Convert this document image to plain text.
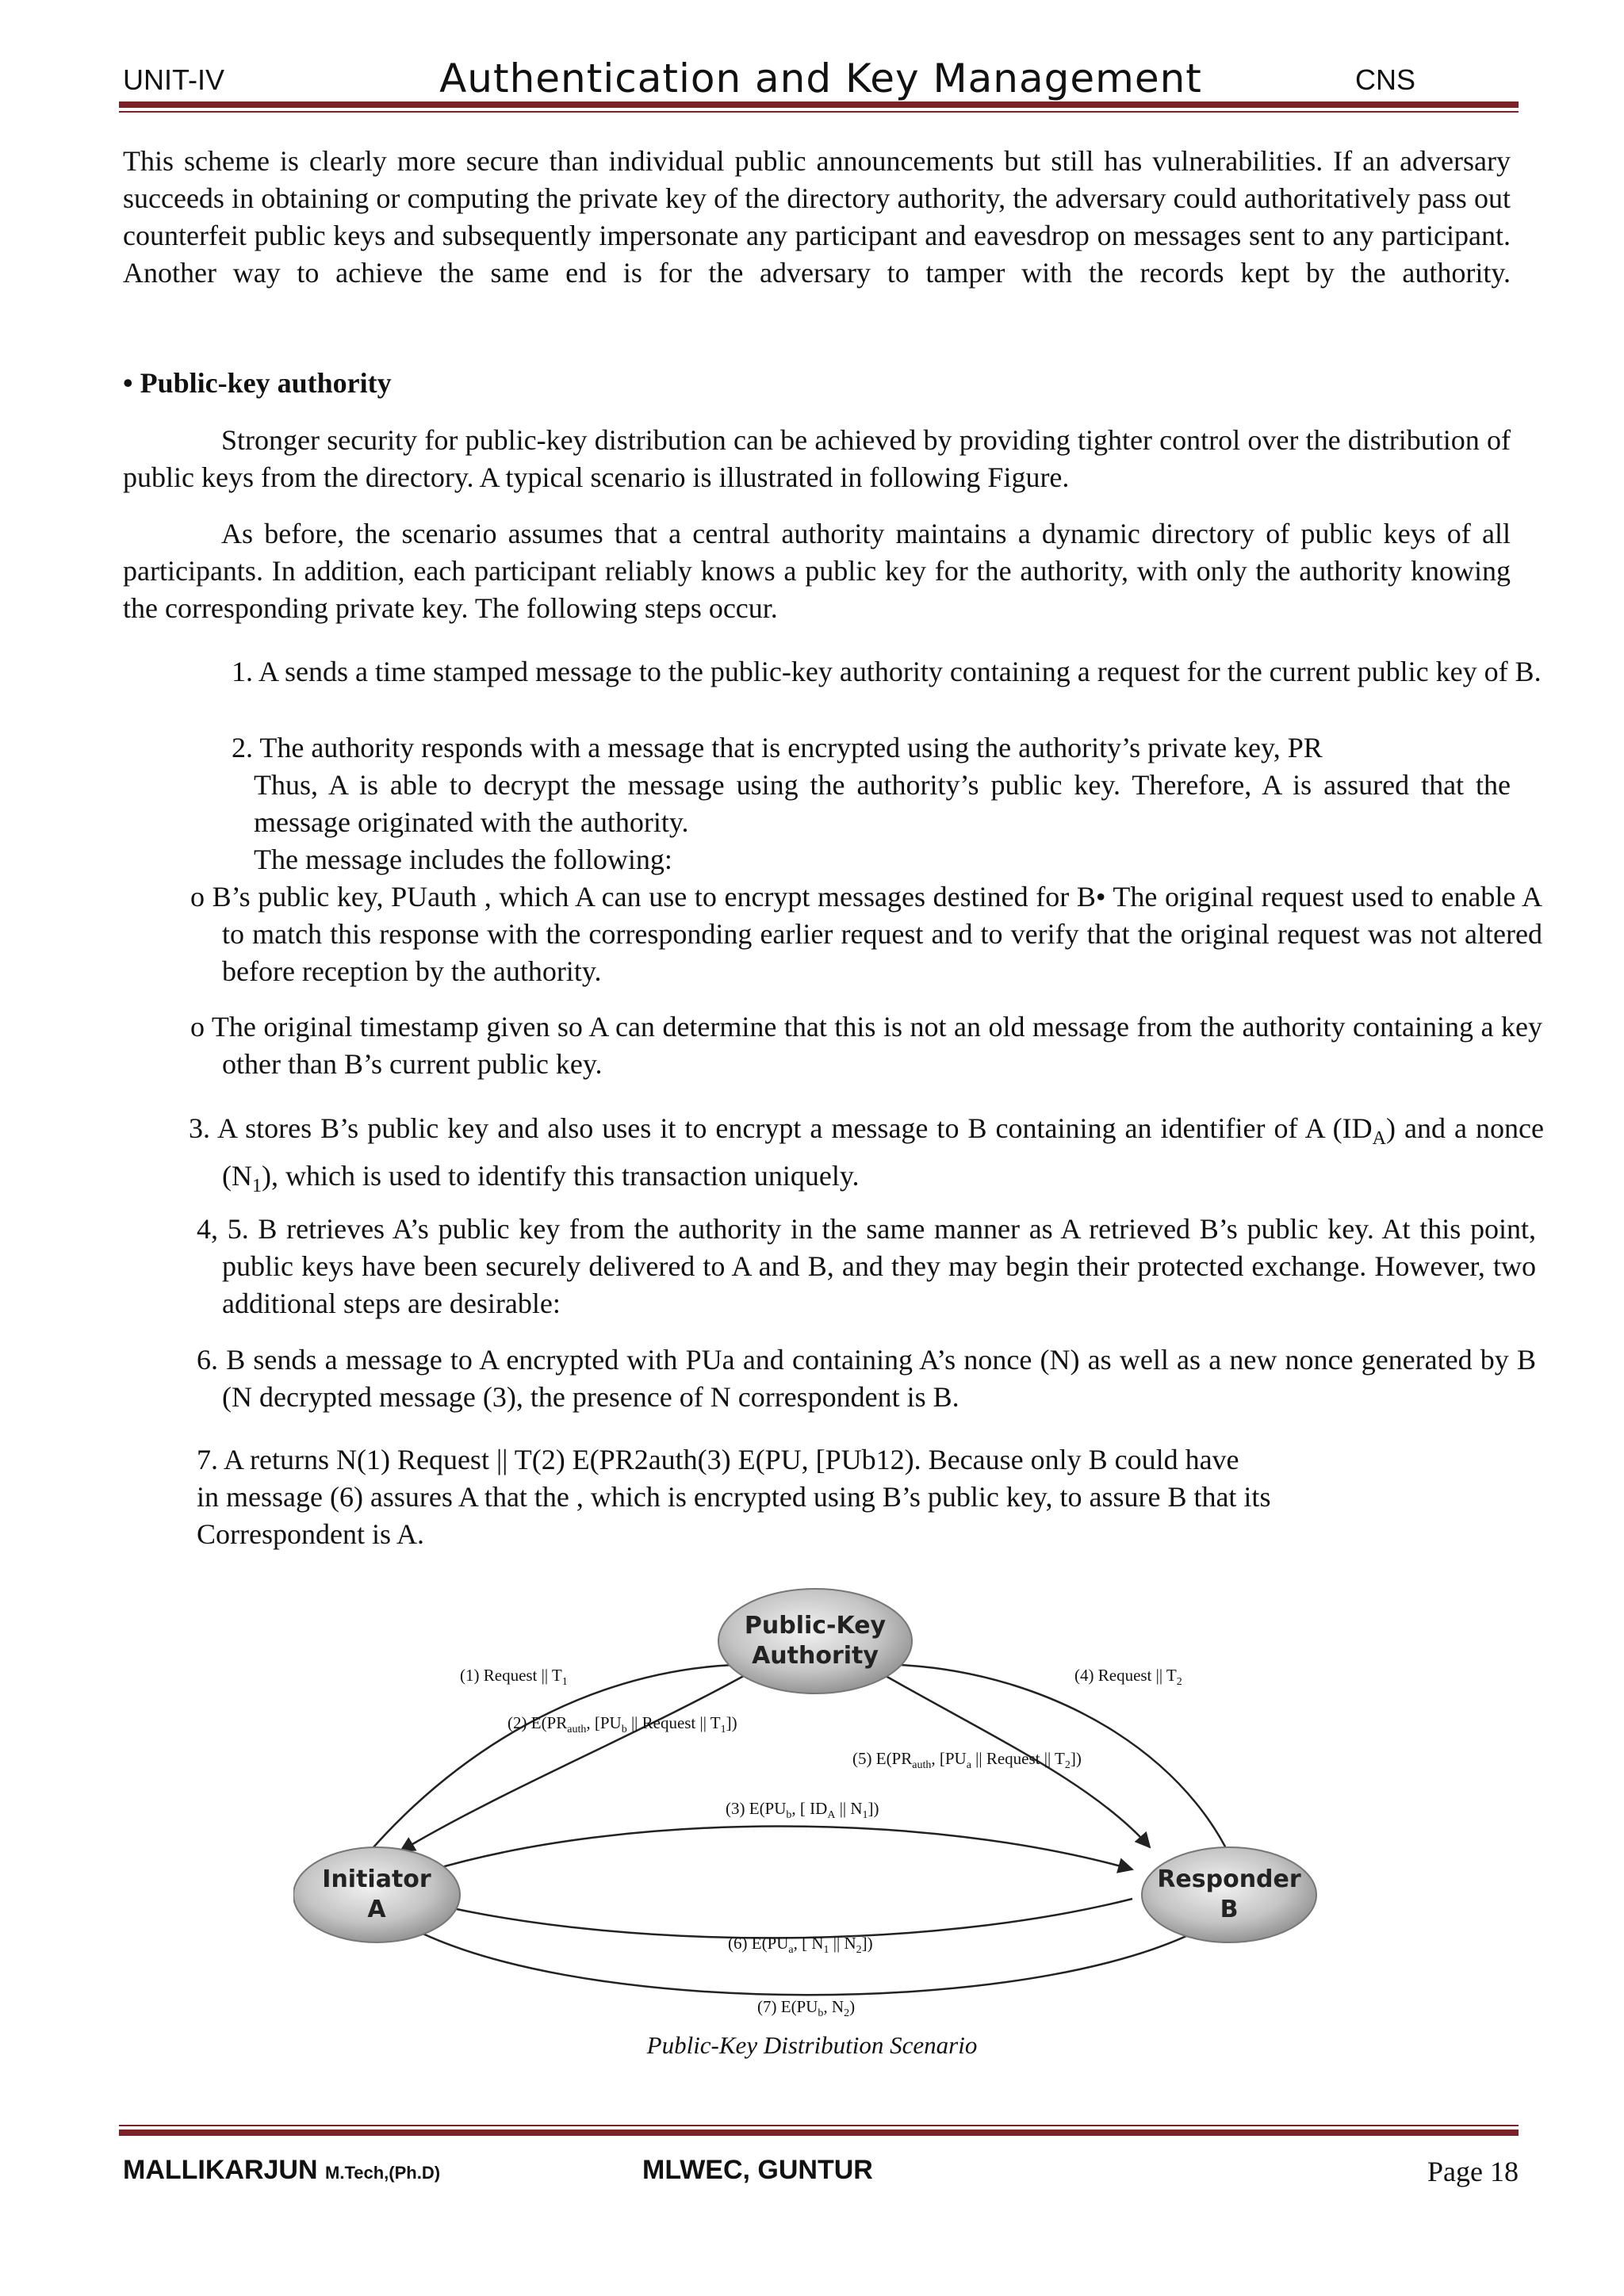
UNIT-IV	Authentication and Key Management	CNS

This scheme is clearly more secure than individual public announcements but still has vulnerabilities. If an adversary succeeds in obtaining or computing the private key of the directory authority, the adversary could authoritatively pass out counterfeit public keys and subsequently impersonate any participant and eavesdrop on messages sent to any participant. Another way to achieve the same end is for the adversary to tamper with the records kept by the authority.

• Public-key authority

Stronger security for public-key distribution can be achieved by providing tighter control over the distribution of public keys from the directory. A typical scenario is illustrated in following Figure.

As before, the scenario assumes that a central authority maintains a dynamic directory of public keys of all participants. In addition, each participant reliably knows a public key for the authority, with only the authority knowing the corresponding private key. The following steps occur.

1. A sends a time stamped message to the public-key authority containing a request for the current public key of B.

2. The authority responds with a message that is encrypted using the authority’s private key, PR

Thus, A is able to decrypt the message using the authority’s public key. Therefore, A is assured that the message originated with the authority.

The message includes the following:

o B’s public key, PUauth , which A can use to encrypt messages destined for B• The original request used to enable A to match this response with the corresponding earlier request and to verify that the original request was not altered before reception by the authority.

o The original timestamp given so A can determine that this is not an old message from the authority containing a key other than B’s current public key.

3. A stores B’s public key and also uses it to encrypt a message to B containing an identifier of A $(ID_A)$ and a nonce $(N_1)$, which is used to identify this transaction uniquely.

4, 5. B retrieves A’s public key from the authority in the same manner as A retrieved B’s public key. At this point, public keys have been securely delivered to A and B, and they may begin their protected exchange. However, two additional steps are desirable:

6. B sends a message to A encrypted with PUa and containing A’s nonce (N) as well as a new nonce generated by B (N decrypted message (3), the presence of N correspondent is B.

7. A returns N(1) Request || T(2) E(PR2auth(3) E(PU, [PUb12). Because only B could have

in message (6) assures A that the , which is encrypted using B’s public key, to assure B that its

Correspondent is A.

Public-Key
Authority
Initiator
A
Responder
B
(1) Request || $T_1$
(2) $E(PR_{auth}$, [$PU_b$ || Request || $T_1$])
(3) $E(PU_b$, [ $ID_A$ || $N_1$])
(4) Request || $T_2$
(5) $E(PR_{auth}$, [$PU_a$ || Request || $T_2$])
(6) $E(PU_a$, [ $N_1$ || $N_2$])
(7) $E(PU_b$, $N_2$)
Public-Key Distribution Scenario
MALLIKARJUN M.Tech,(Ph.D)	MLWEC, GUNTUR	Page 18
